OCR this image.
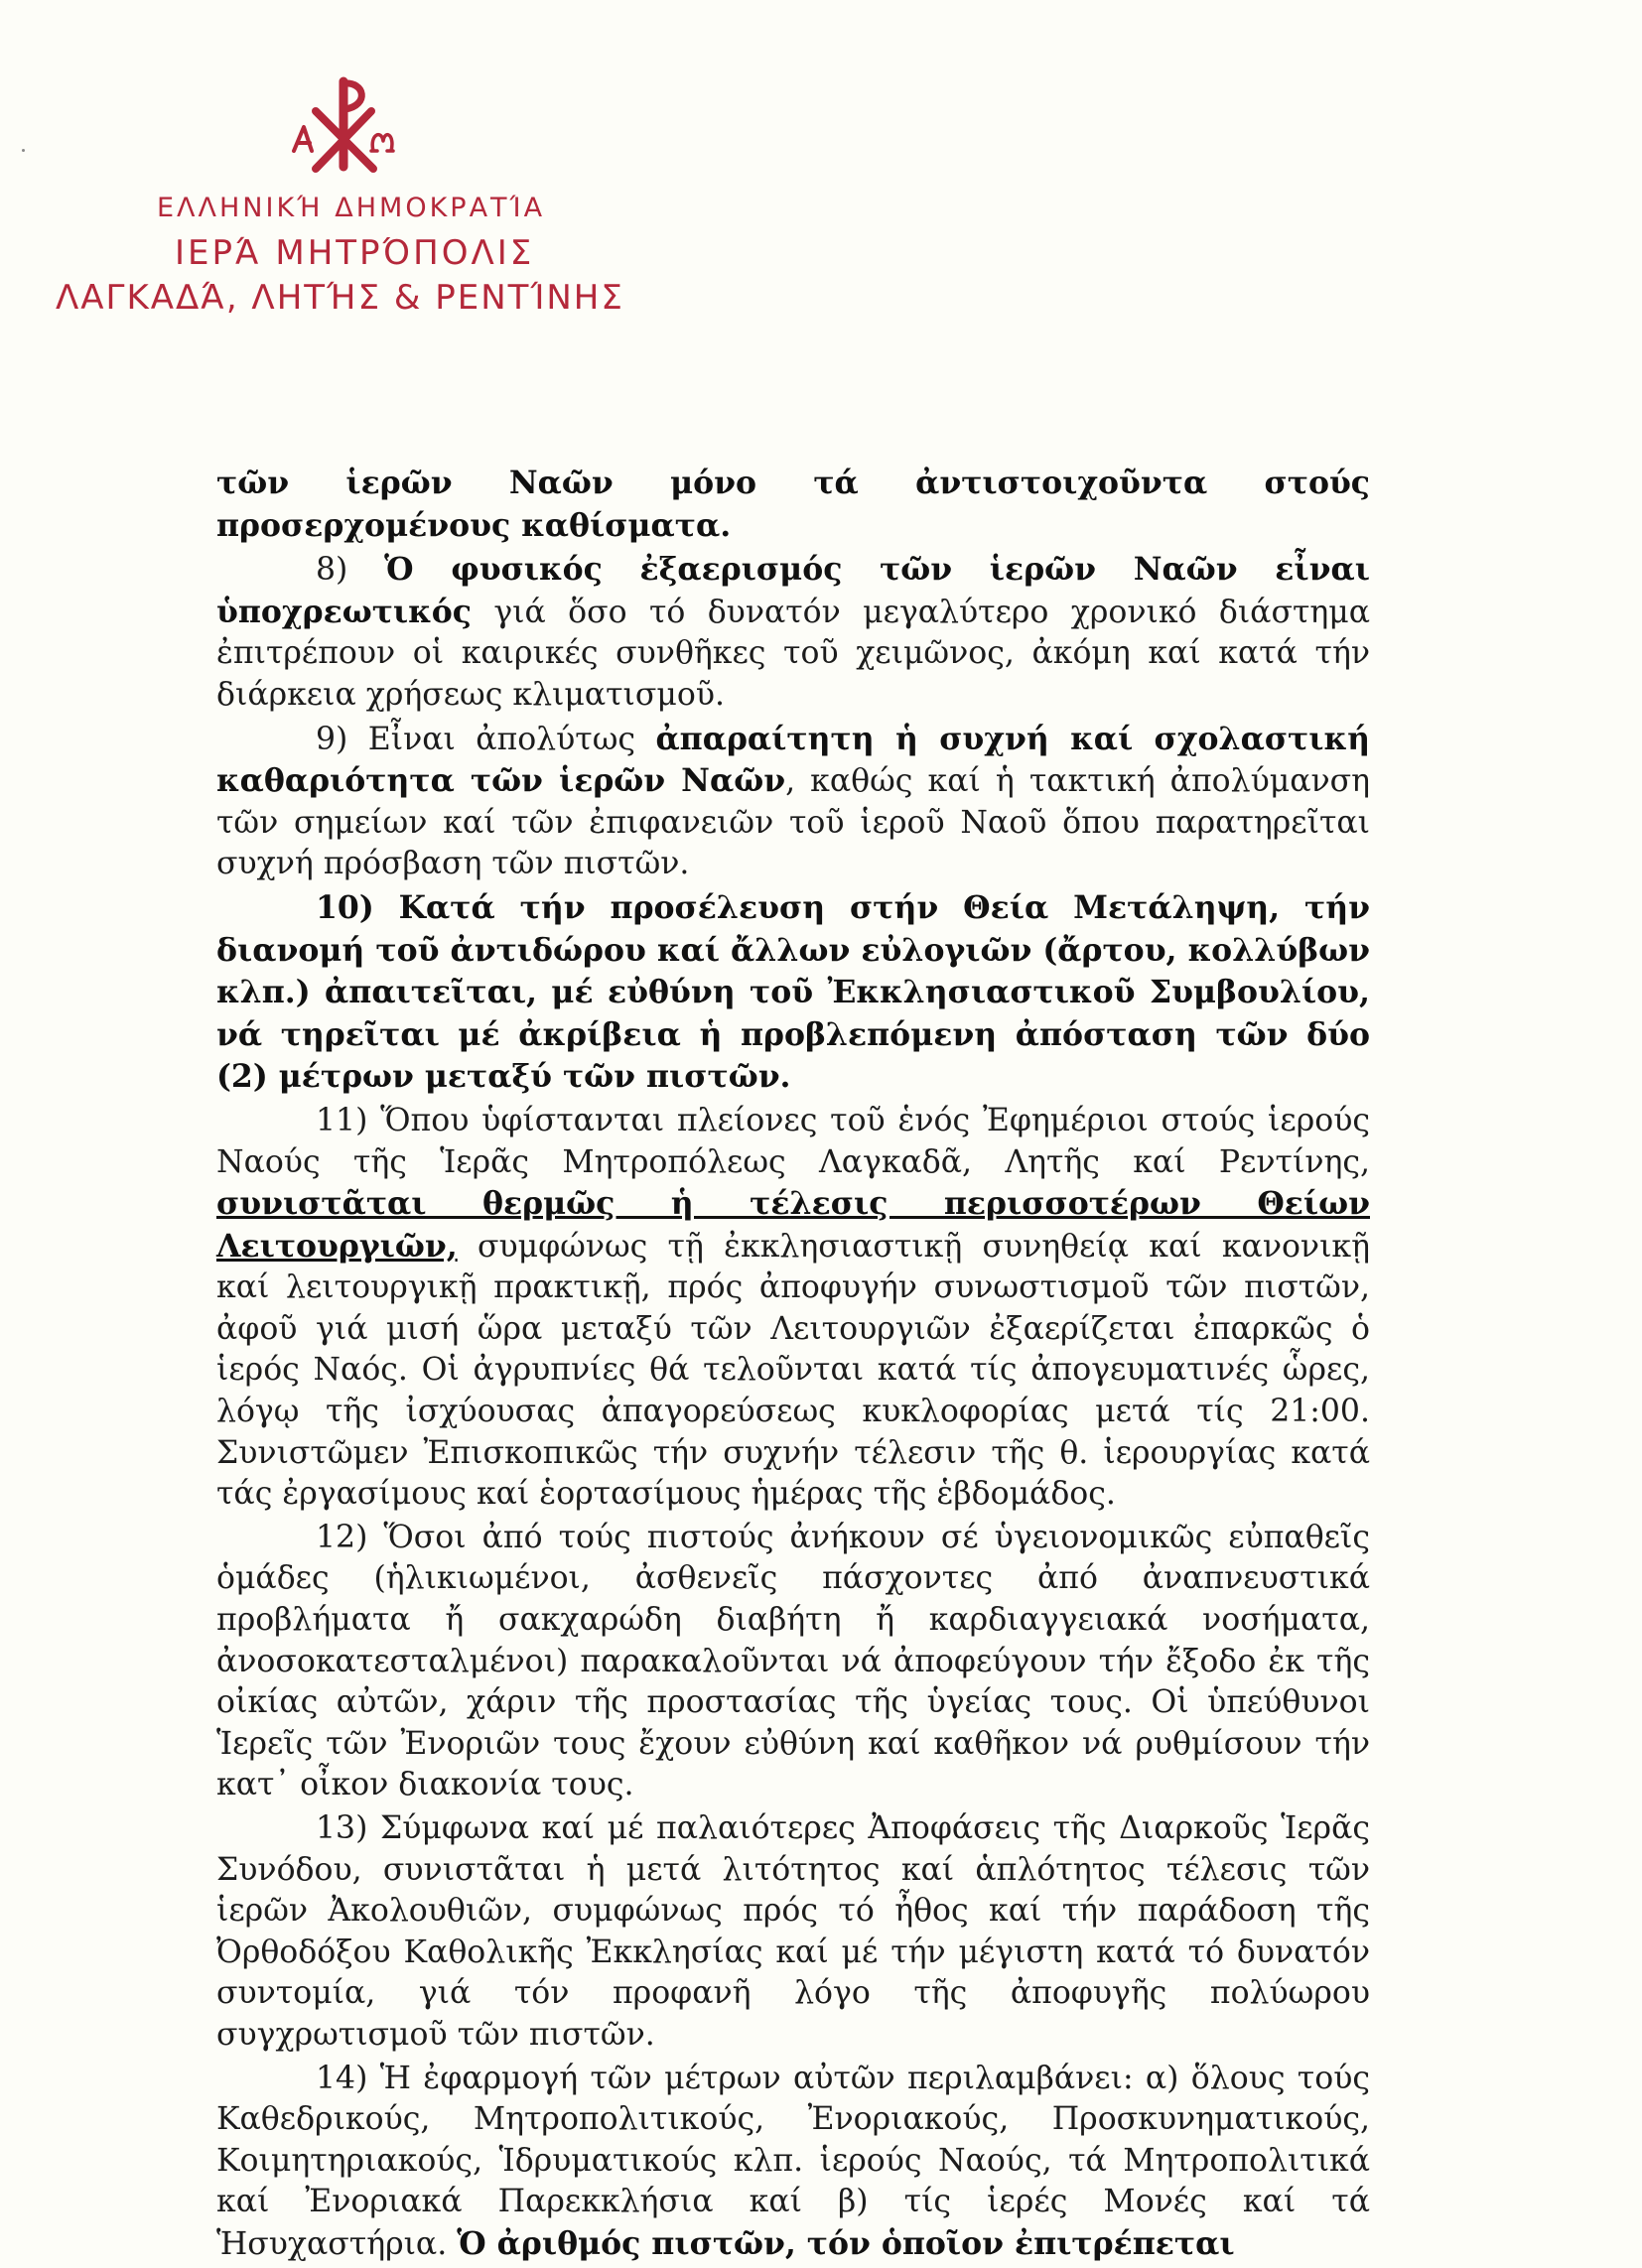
ΕΛΛΗΝΙΚΉ ΔΗΜΟΚΡΑΤΊΑ
ΙΕΡΆ ΜΗΤΡΌΠΟΛΙΣ
ΛΑΓΚΑΔΆ, ΛΗΤΉΣ & ΡΕΝΤΊΝΗΣ

τῶν ἱερῶν Ναῶν μόνο τά ἀντιστοιχοῦντα στούς προσερχομένους καθίσματα.

8) Ὁ φυσικός ἐξαερισμός τῶν ἱερῶν Ναῶν εἶναι ὑποχρεωτικός γιά ὅσο τό δυνατόν μεγαλύτερο χρονικό διάστημα ἐπιτρέπουν οἱ καιρικές συνθῆκες τοῦ χειμῶνος, ἀκόμη καί κατά τήν διάρκεια χρήσεως κλιματισμοῦ.

9) Εἶναι ἀπολύτως ἀπαραίτητη ἡ συχνή καί σχολαστική καθαριότητα τῶν ἱερῶν Ναῶν, καθώς καί ἡ τακτική ἀπολύμανση τῶν σημείων καί τῶν ἐπιφανειῶν τοῦ ἱεροῦ Ναοῦ ὅπου παρατηρεῖται συχνή πρόσβαση τῶν πιστῶν.

10) Κατά τήν προσέλευση στήν Θεία Μετάληψη, τήν διανομή τοῦ ἀντιδώρου καί ἄλλων εὐλογιῶν (ἄρτου, κολλύβων κλπ.) ἀπαιτεῖται, μέ εὐθύνη τοῦ Ἐκκλησιαστικοῦ Συμβουλίου, νά τηρεῖται μέ ἀκρίβεια ἡ προβλεπόμενη ἀπόσταση τῶν δύο (2) μέτρων μεταξύ τῶν πιστῶν.

11) Ὅπου ὑφίστανται πλείονες τοῦ ἑνός Ἐφημέριοι στούς ἱερούς Ναούς τῆς Ἱερᾶς Μητροπόλεως Λαγκαδᾶ, Λητῆς καί Ρεντίνης, συνιστᾶται θερμῶς ἡ τέλεσις περισσοτέρων Θείων Λειτουργιῶν, συμφώνως τῇ ἐκκλησιαστικῇ συνηθείᾳ καί κανονικῇ καί λειτουργικῇ πρακτικῇ, πρός ἀποφυγήν συνωστισμοῦ τῶν πιστῶν, ἀφοῦ γιά μισή ὥρα μεταξύ τῶν Λειτουργιῶν ἐξαερίζεται ἐπαρκῶς ὁ ἱερός Ναός. Οἱ ἀγρυπνίες θά τελοῦνται κατά τίς ἀπογευματινές ὧρες, λόγῳ τῆς ἰσχύουσας ἀπαγορεύσεως κυκλοφορίας μετά τίς 21:00. Συνιστῶμεν Ἐπισκοπικῶς τήν συχνήν τέλεσιν τῆς θ. ἱερουργίας κατά τάς ἐργασίμους καί ἑορτασίμους ἡμέρας τῆς ἑβδομάδος.

12) Ὅσοι ἀπό τούς πιστούς ἀνήκουν σέ ὑγειονομικῶς εὐπαθεῖς ὁμάδες (ἡλικιωμένοι, ἀσθενεῖς πάσχοντες ἀπό ἀναπνευστικά προβλήματα ἤ σακχαρώδη διαβήτη ἤ καρδιαγγειακά νοσήματα, ἀνοσοκατεσταλμένοι) παρακαλοῦνται νά ἀποφεύγουν τήν ἔξοδο ἐκ τῆς οἰκίας αὐτῶν, χάριν τῆς προστασίας τῆς ὑγείας τους. Οἱ ὑπεύθυνοι Ἱερεῖς τῶν Ἐνοριῶν τους ἔχουν εὐθύνη καί καθῆκον νά ρυθμίσουν τήν κατ᾽ οἶκον διακονία τους.

13) Σύμφωνα καί μέ παλαιότερες Ἀποφάσεις τῆς Διαρκοῦς Ἱερᾶς Συνόδου, συνιστᾶται ἡ μετά λιτότητος καί ἁπλότητος τέλεσις τῶν ἱερῶν Ἀκολουθιῶν, συμφώνως πρός τό ἦθος καί τήν παράδοση τῆς Ὀρθοδόξου Καθολικῆς Ἐκκλησίας καί μέ τήν μέγιστη κατά τό δυνατόν συντομία, γιά τόν προφανῆ λόγο τῆς ἀποφυγῆς πολύωρου συγχρωτισμοῦ τῶν πιστῶν.

14) Ἡ ἐφαρμογή τῶν μέτρων αὐτῶν περιλαμβάνει: α) ὅλους τούς Καθεδρικούς, Μητροπολιτικούς, Ἐνοριακούς, Προσκυνηματικούς, Κοιμητηριακούς, Ἱδρυματικούς κλπ. ἱερούς Ναούς, τά Μητροπολιτικά καί Ἐνοριακά Παρεκκλήσια καί β) τίς ἱερές Μονές καί τά Ἡσυχαστήρια. Ὁ ἀριθμός πιστῶν, τόν ὁποῖον ἐπιτρέπεται
